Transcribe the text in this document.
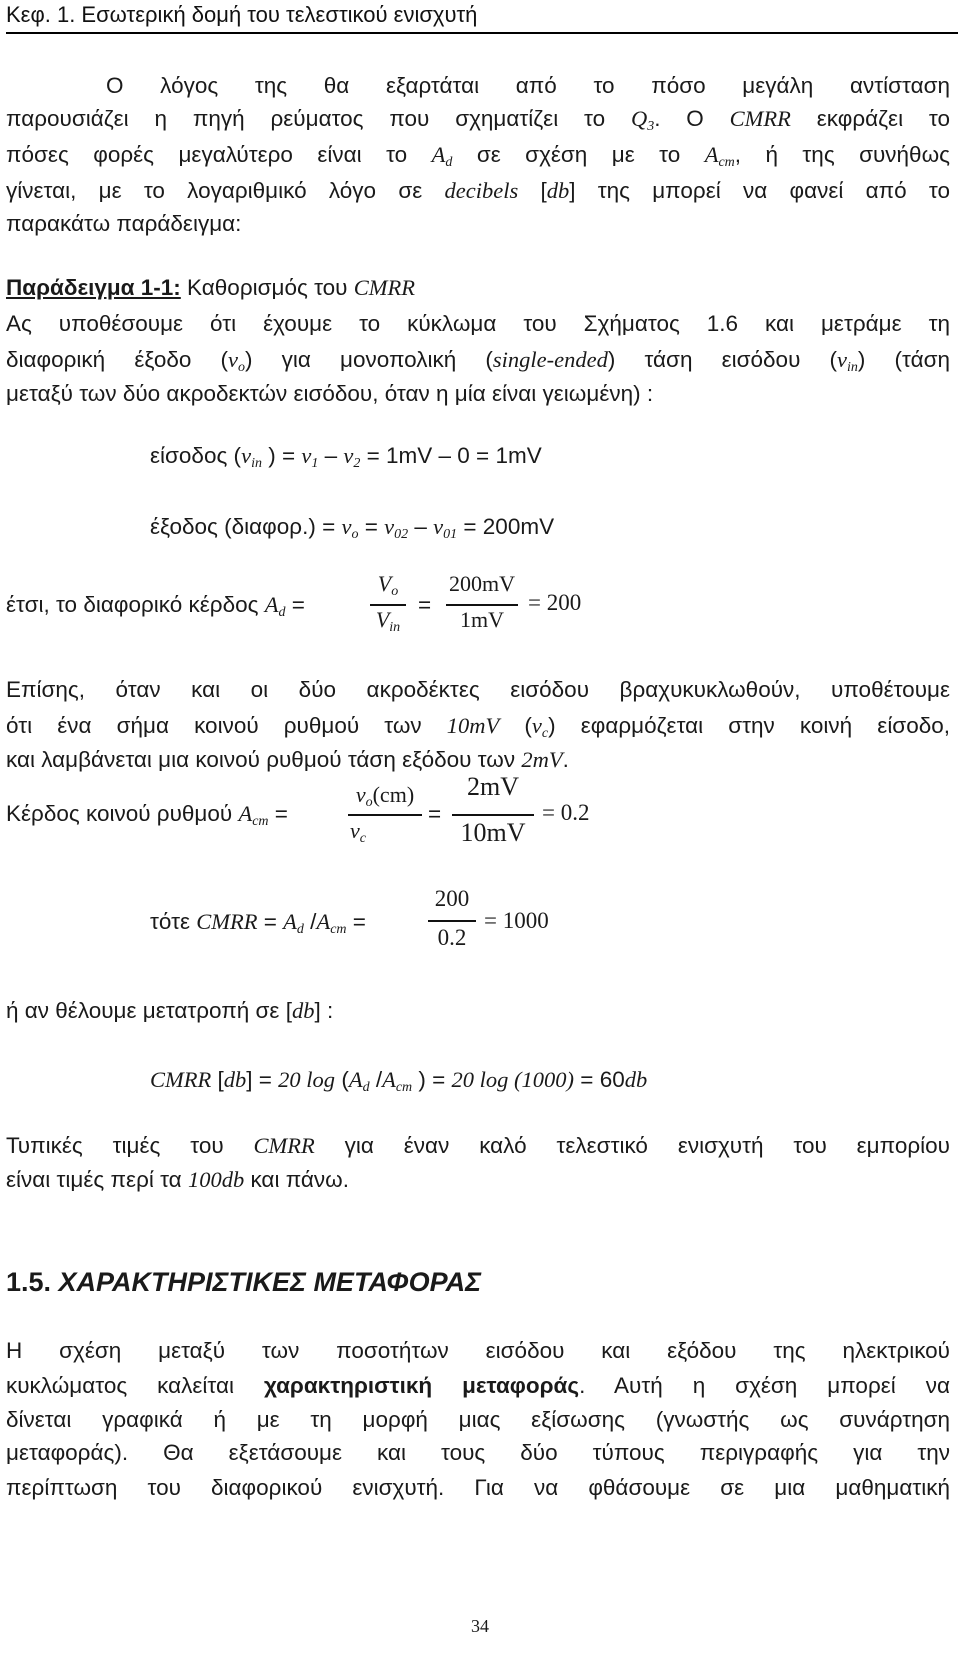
Κεφ. 1. Εσωτερική δομή του τελεστικού ενισχυτή
Ο λόγος της θα εξαρτάται από το πόσο μεγάλη αντίσταση
παρουσιάζει η πηγή ρεύματος που σχηματίζει το $Q_3$. Ο CMRR εκφράζει το
πόσες φορές μεγαλύτερο είναι το $A_d$ σε σχέση με το $A_{cm}$, ή της συνήθως
γίνεται, με το λογαριθμικό λόγο σε decibels [db] της μπορεί να φανεί από το
παρακάτω παράδειγμα:
Παράδειγμα 1-1: Καθορισμός του CMRR
Ας υποθέσουμε ότι έχουμε το κύκλωμα του Σχήματος 1.6 και μετράμε τη
διαφορική έξοδο $(v_o)$ για μονοπολική (single-ended) τάση εισόδου $(v_{in})$ (τάση
μεταξύ των δύο ακροδεκτών εισόδου, όταν η μία είναι γειωμένη) :
είσοδος ($v_{in}$ ) = $v_1 - v_2 = 1mV - 0 = 1mV$
έξοδος $(\delta\iota\alpha\varphi o\rho.) = v_o = v_{02} - v_{01} = 200mV$
έτσι, το διαφορικό κέρδος $A_d$ =
$V_o$
$V_{in}$
=
200mV
1mV
= 200
Επίσης, όταν και οι δύο ακροδέκτες εισόδου βραχυκυκλωθούν, υποθέτουμε
ότι ένα σήμα κοινού ρυθμού των 10mV $(v_c)$ εφαρμόζεται στην κοινή είσοδο,
και λαμβάνεται μια κοινού ρυθμού τάση εξόδου των 2mV.
Κέρδος κοινού ρυθμού $A_{cm}$ =
$v_o(cm)$
$v_c$
=
2mV
10mV
= 0.2
τότε CMRR = $A_d$ $/A_{cm}$ =
200
0.2
= 1000
ή αν θέλουμε μετατροπή σε [db] :
CMRR [db] = 20 $\log (A_d$ $/A_{cm}$ ) = 20 log (1000) = 60db
Τυπικές τιμές του CMRR για έναν καλό τελεστικό ενισχυτή του εμπορίου
είναι τιμές περί τα 100db και πάνω.
1.5. ΧΑΡΑΚΤΗΡΙΣΤΙΚΕΣ ΜΕΤΑΦΟΡΑΣ
Η σχέση μεταξύ των ποσοτήτων εισόδου και εξόδου της ηλεκτρικού
κυκλώματος καλείται χαρακτηριστική μεταφοράς. Αυτή η σχέση μπορεί να
δίνεται γραφικά ή με τη μορφή μιας εξίσωσης (γνωστής ως συνάρτηση
μεταφοράς). Θα εξετάσουμε και τους δύο τύπους περιγραφής για την
περίπτωση του διαφορικού ενισχυτή. Για να φθάσουμε σε μια μαθηματική
34
